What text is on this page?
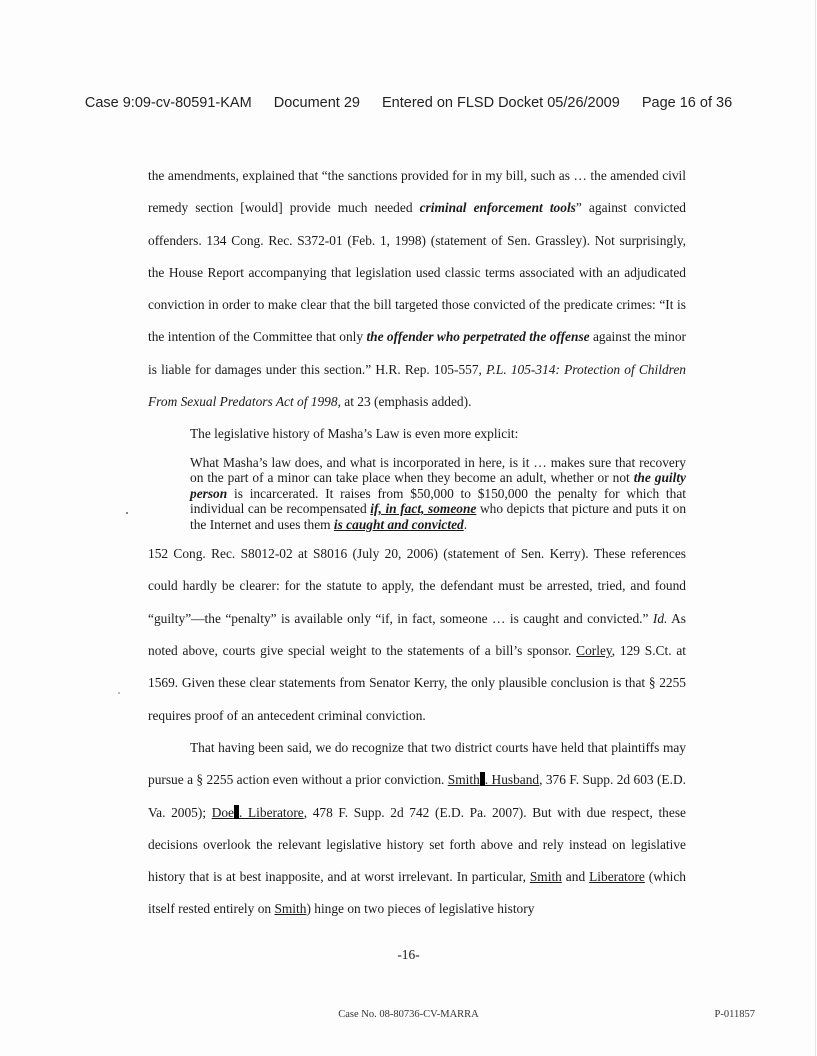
Case 9:09-cv-80591-KAM Document 29 Entered on FLSD Docket 05/26/2009 Page 16 of 36

the amendments, explained that “the sanctions provided for in my bill, such as … the amended civil remedy section [would] provide much needed criminal enforcement tools” against convicted offenders. 134 Cong. Rec. S372-01 (Feb. 1, 1998) (statement of Sen. Grassley). Not surprisingly, the House Report accompanying that legislation used classic terms associated with an adjudicated conviction in order to make clear that the bill targeted those convicted of the predicate crimes: “It is the intention of the Committee that only the offender who perpetrated the offense against the minor is liable for damages under this section.” H.R. Rep. 105-557, P.L. 105-314: Protection of Children From Sexual Predators Act of 1998, at 23 (emphasis added).

The legislative history of Masha’s Law is even more explicit:

What Masha’s law does, and what is incorporated in here, is it … makes sure that recovery on the part of a minor can take place when they become an adult, whether or not the guilty person is incarcerated. It raises from $50,000 to $150,000 the penalty for which that individual can be recompensated if, in fact, someone who depicts that picture and puts it on the Internet and uses them is caught and convicted.

152 Cong. Rec. S8012-02 at S8016 (July 20, 2006) (statement of Sen. Kerry). These references could hardly be clearer: for the statute to apply, the defendant must be arrested, tried, and found “guilty”—the “penalty” is available only “if, in fact, someone … is caught and convicted.” Id. As noted above, courts give special weight to the statements of a bill’s sponsor. Corley, 129 S.Ct. at 1569. Given these clear statements from Senator Kerry, the only plausible conclusion is that § 2255 requires proof of an antecedent criminal conviction.

That having been said, we do recognize that two district courts have held that plaintiffs may pursue a § 2255 action even without a prior conviction. Smith . Husband, 376 F. Supp. 2d 603 (E.D. Va. 2005); Doe . Liberatore, 478 F. Supp. 2d 742 (E.D. Pa. 2007). But with due respect, these decisions overlook the relevant legislative history set forth above and rely instead on legislative history that is at best inapposite, and at worst irrelevant. In particular, Smith and Liberatore (which itself rested entirely on Smith) hinge on two pieces of legislative history

-16-
Case No. 08-80736-CV-MARRA	P-011857
